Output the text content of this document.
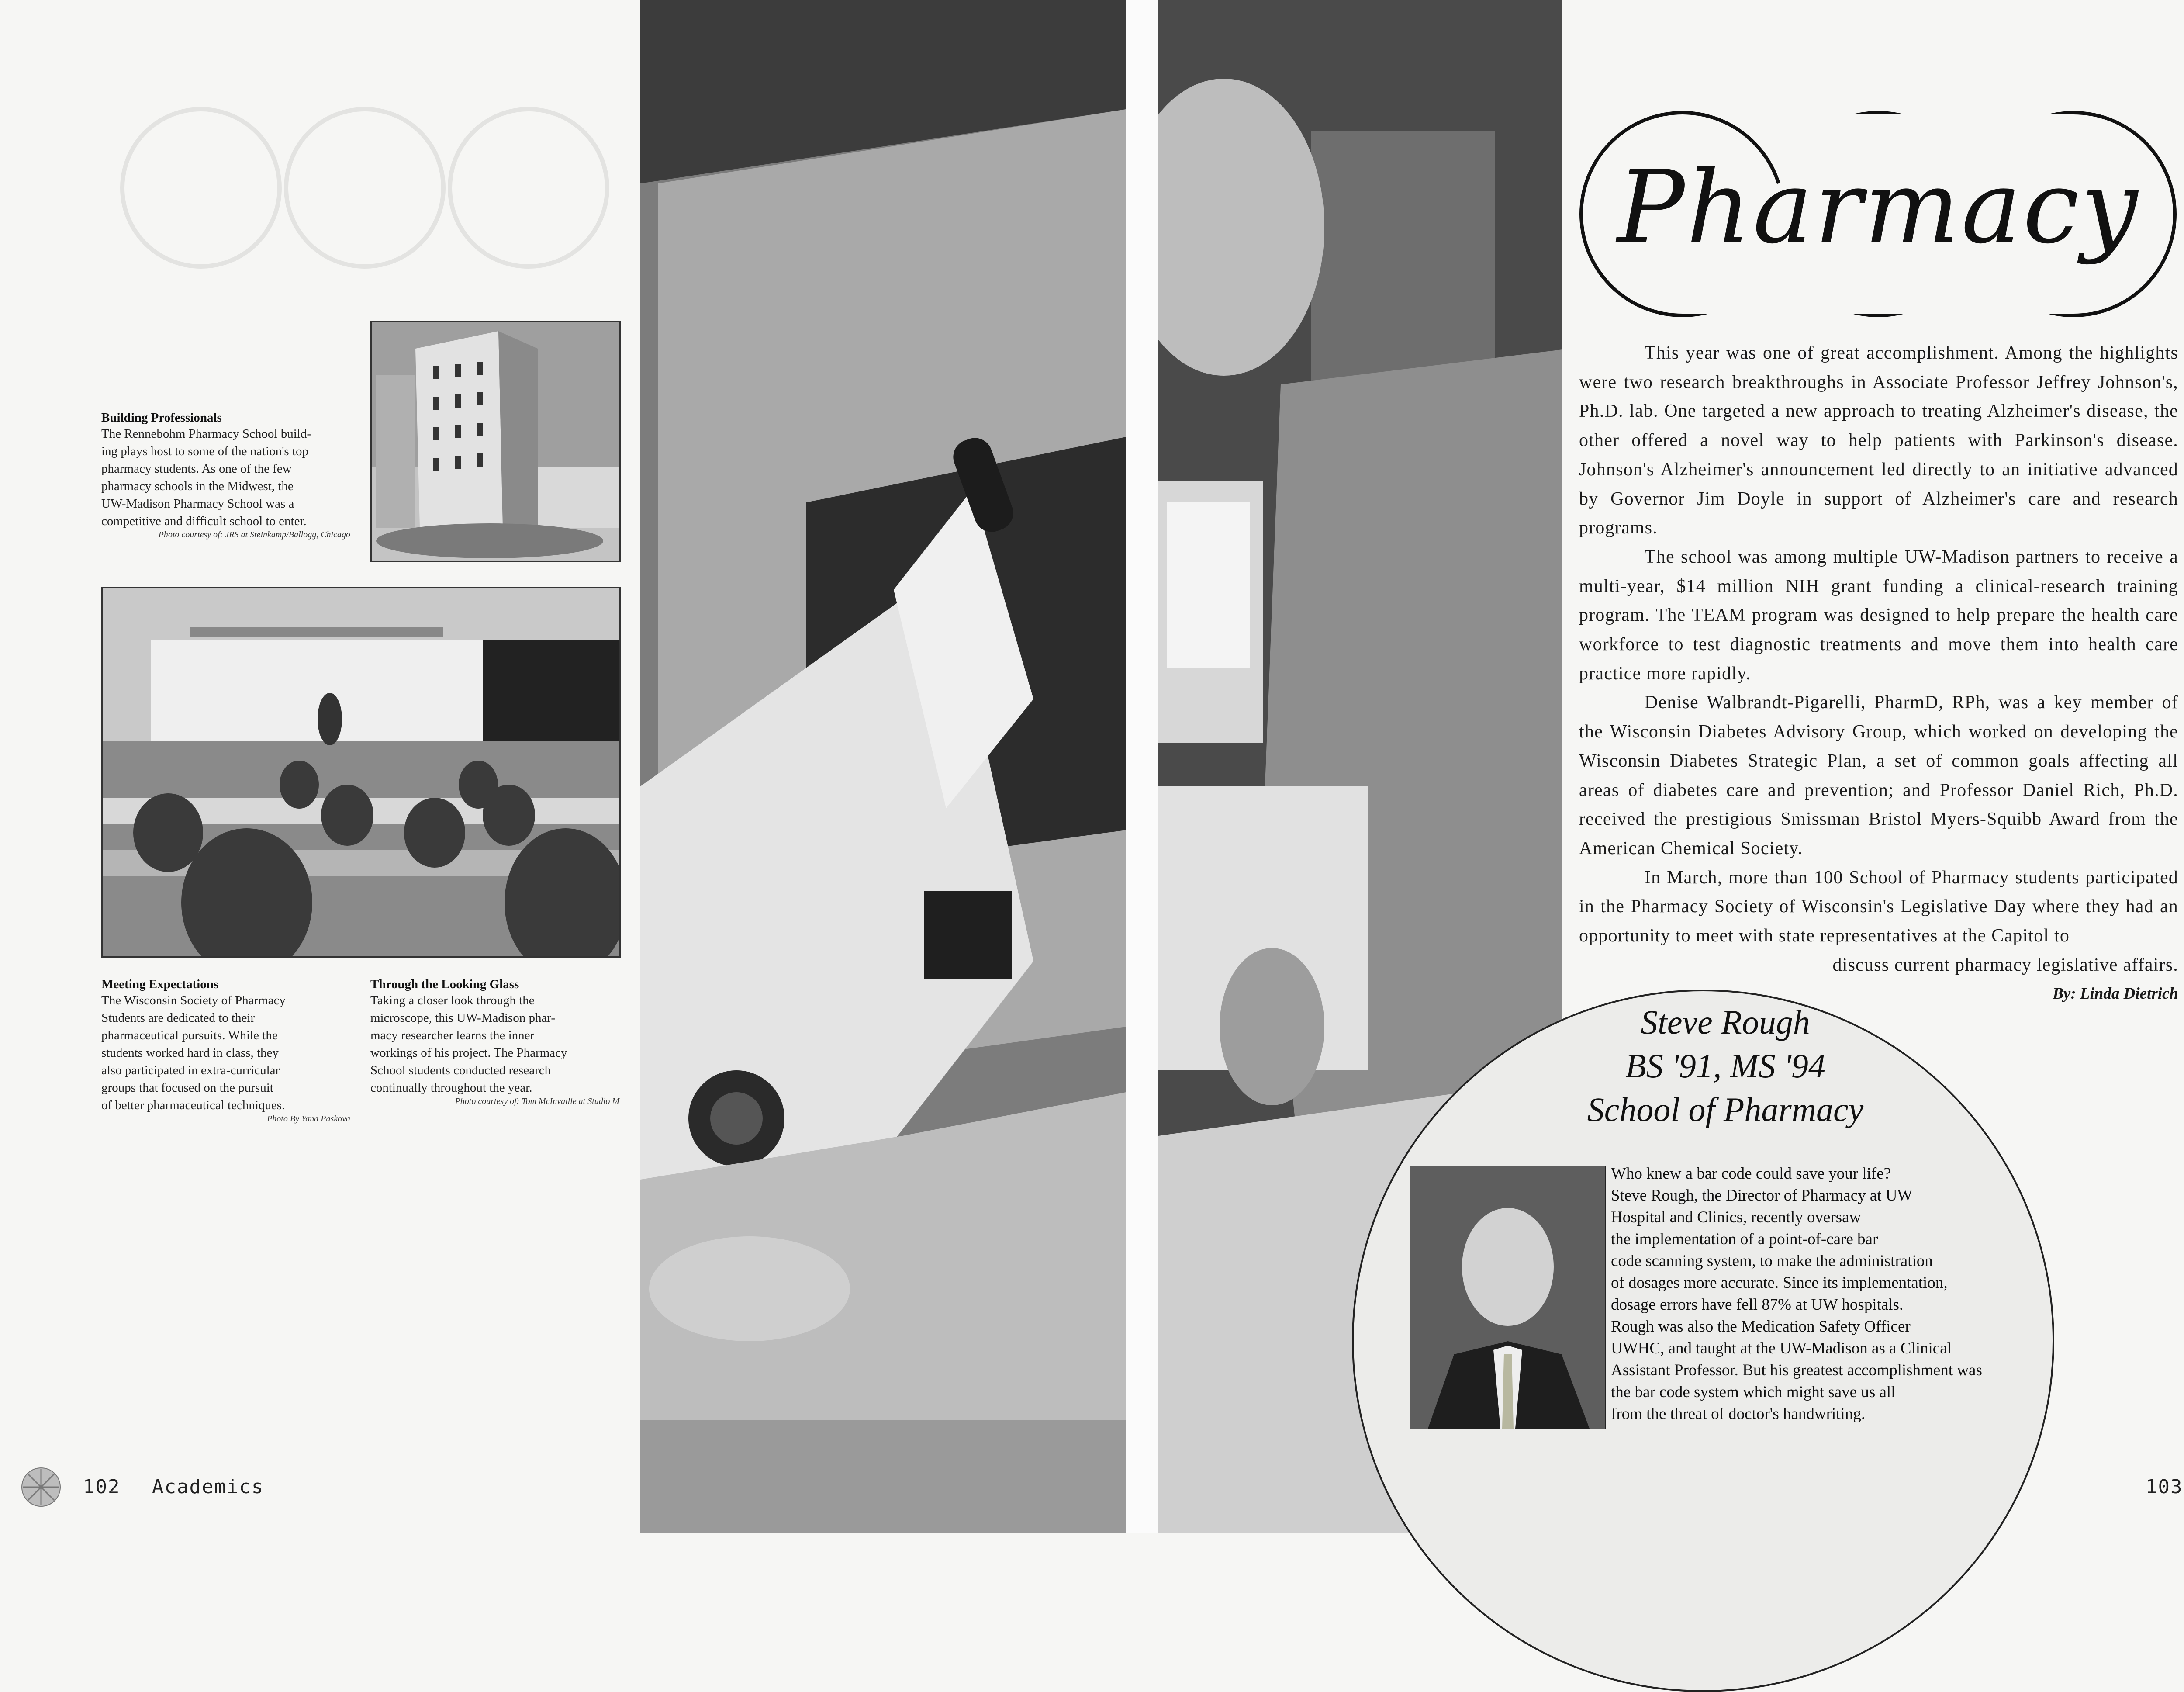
Building Professionals
The Rennebohm Pharmacy School build-
ing plays host to some of the nation's top
pharmacy students. As one of the few
pharmacy schools in the Midwest, the
UW-Madison Pharmacy School was a
competitive and difficult school to enter.
Photo courtesy of: JRS at Steinkamp/Ballogg, Chicago
Meeting Expectations
The Wisconsin Society of Pharmacy
Students are dedicated to their
pharmaceutical pursuits. While the
students worked hard in class, they
also participated in extra-curricular
groups that focused on the pursuit
of better pharmaceutical techniques.
Photo By Yana Paskova
Through the Looking Glass
Taking a closer look through the
microscope, this UW-Madison phar-
macy researcher learns the inner
workings of his project. The Pharmacy
School students conducted research
continually throughout the year.
Photo courtesy of: Tom McInvaille at Studio M
Pharmacy

This year was one of great accomplishment. Among the highlights were two research breakthroughs in Associate Professor Jeffrey Johnson's, Ph.D. lab. One targeted a new approach to treating Alzheimer's disease, the other offered a novel way to help patients with Parkinson's disease. Johnson's Alzheimer's announcement led directly to an initiative advanced by Governor Jim Doyle in support of Alzheimer's care and research programs.

The school was among multiple UW-Madison partners to receive a multi-year, $14 million NIH grant funding a clinical-research training program. The TEAM program was designed to help prepare the health care workforce to test diagnostic treatments and move them into health care practice more rapidly.

Denise Walbrandt-Pigarelli, PharmD, RPh, was a key member of the Wisconsin Diabetes Advisory Group, which worked on developing the Wisconsin Diabetes Strategic Plan, a set of common goals affecting all areas of diabetes care and prevention; and Professor Daniel Rich, Ph.D. received the prestigious Smissman Bristol Myers-Squibb Award from the American Chemical Society.

In March, more than 100 School of Pharmacy students participated in the Pharmacy Society of Wisconsin's Legislative Day where they had an opportunity to meet with state representatives at the Capitol to

discuss current pharmacy legislative affairs.

By: Linda Dietrich
Steve Rough
BS '91, MS '94
School of Pharmacy
Who knew a bar code could save your life?
Steve Rough, the Director of Pharmacy at UW
Hospital and Clinics, recently oversaw
the implementation of a point-of-care bar
code scanning system, to make the administration
of dosages more accurate. Since its implementation,
dosage errors have fell 87% at UW hospitals.
Rough was also the Medication Safety Officer
UWHC, and taught at the UW-Madison as a Clinical
Assistant Professor. But his greatest accomplishment was
the bar code system which might save us all
from the threat of doctor's handwriting.
102 Academics	103
